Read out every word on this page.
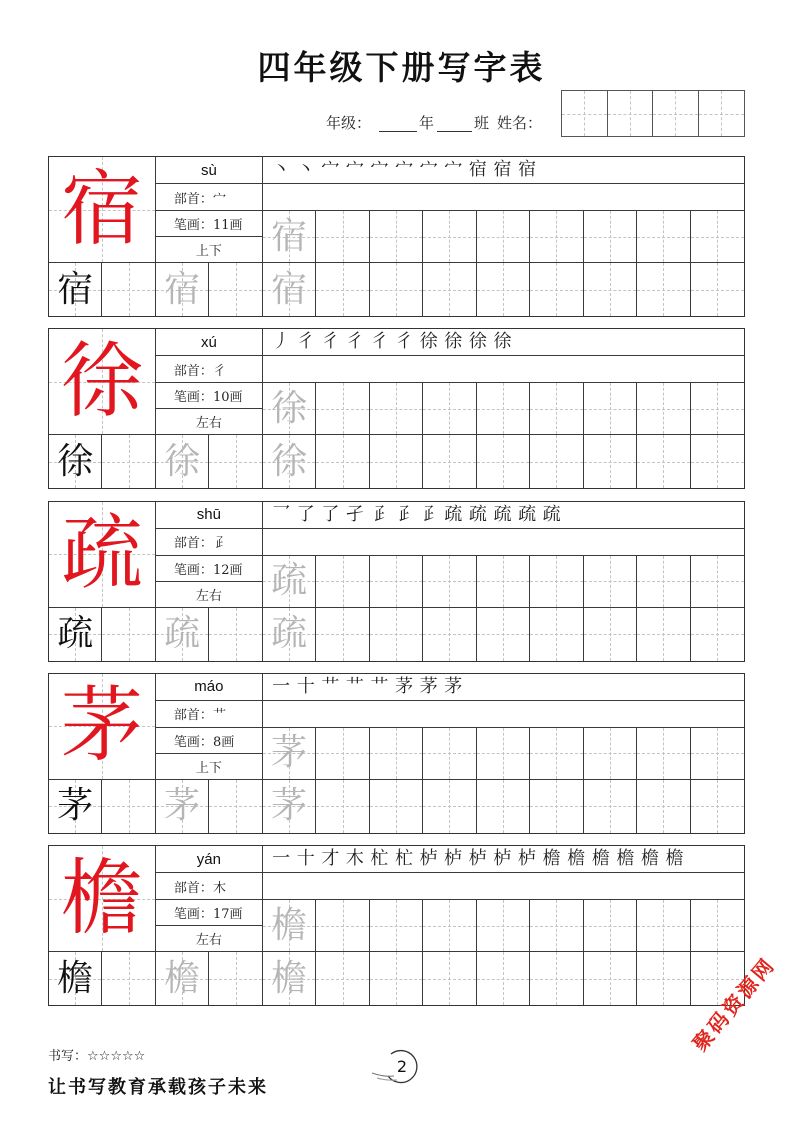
四年级下册写字表
年级：	年	班 姓名：
宿	sù
部首： 宀
笔画： 11画
上下
丶 丶 宀 宀 宀 宀 宀 宀 宿 宿 宿
宿
宿 宿 宿
徐	xú
部首： 彳
笔画： 10画
左右
丿 彳 彳 彳 彳 彳 徐 徐 徐 徐
徐
徐 徐 徐
疏	shū
部首： 𤴔
笔画： 12画
左右
乛 了 了 孑 𤴔 𤴔 𤴔 疏 疏 疏 疏 疏
疏
疏 疏 疏
茅	máo
部首： 艹
笔画： 8画
上下
一 十 艹 艹 艹 茅 茅 茅
茅
茅 茅 茅
檐	yán
部首： 木
笔画： 17画
左右
一 十 才 木 杧 杧 栌 栌 栌 栌 栌 檐 檐 檐 檐 檐 檐
檐
檐 檐 檐
书写：☆☆☆☆☆
让书写教育承载孩子未来
2
聚码资源网
